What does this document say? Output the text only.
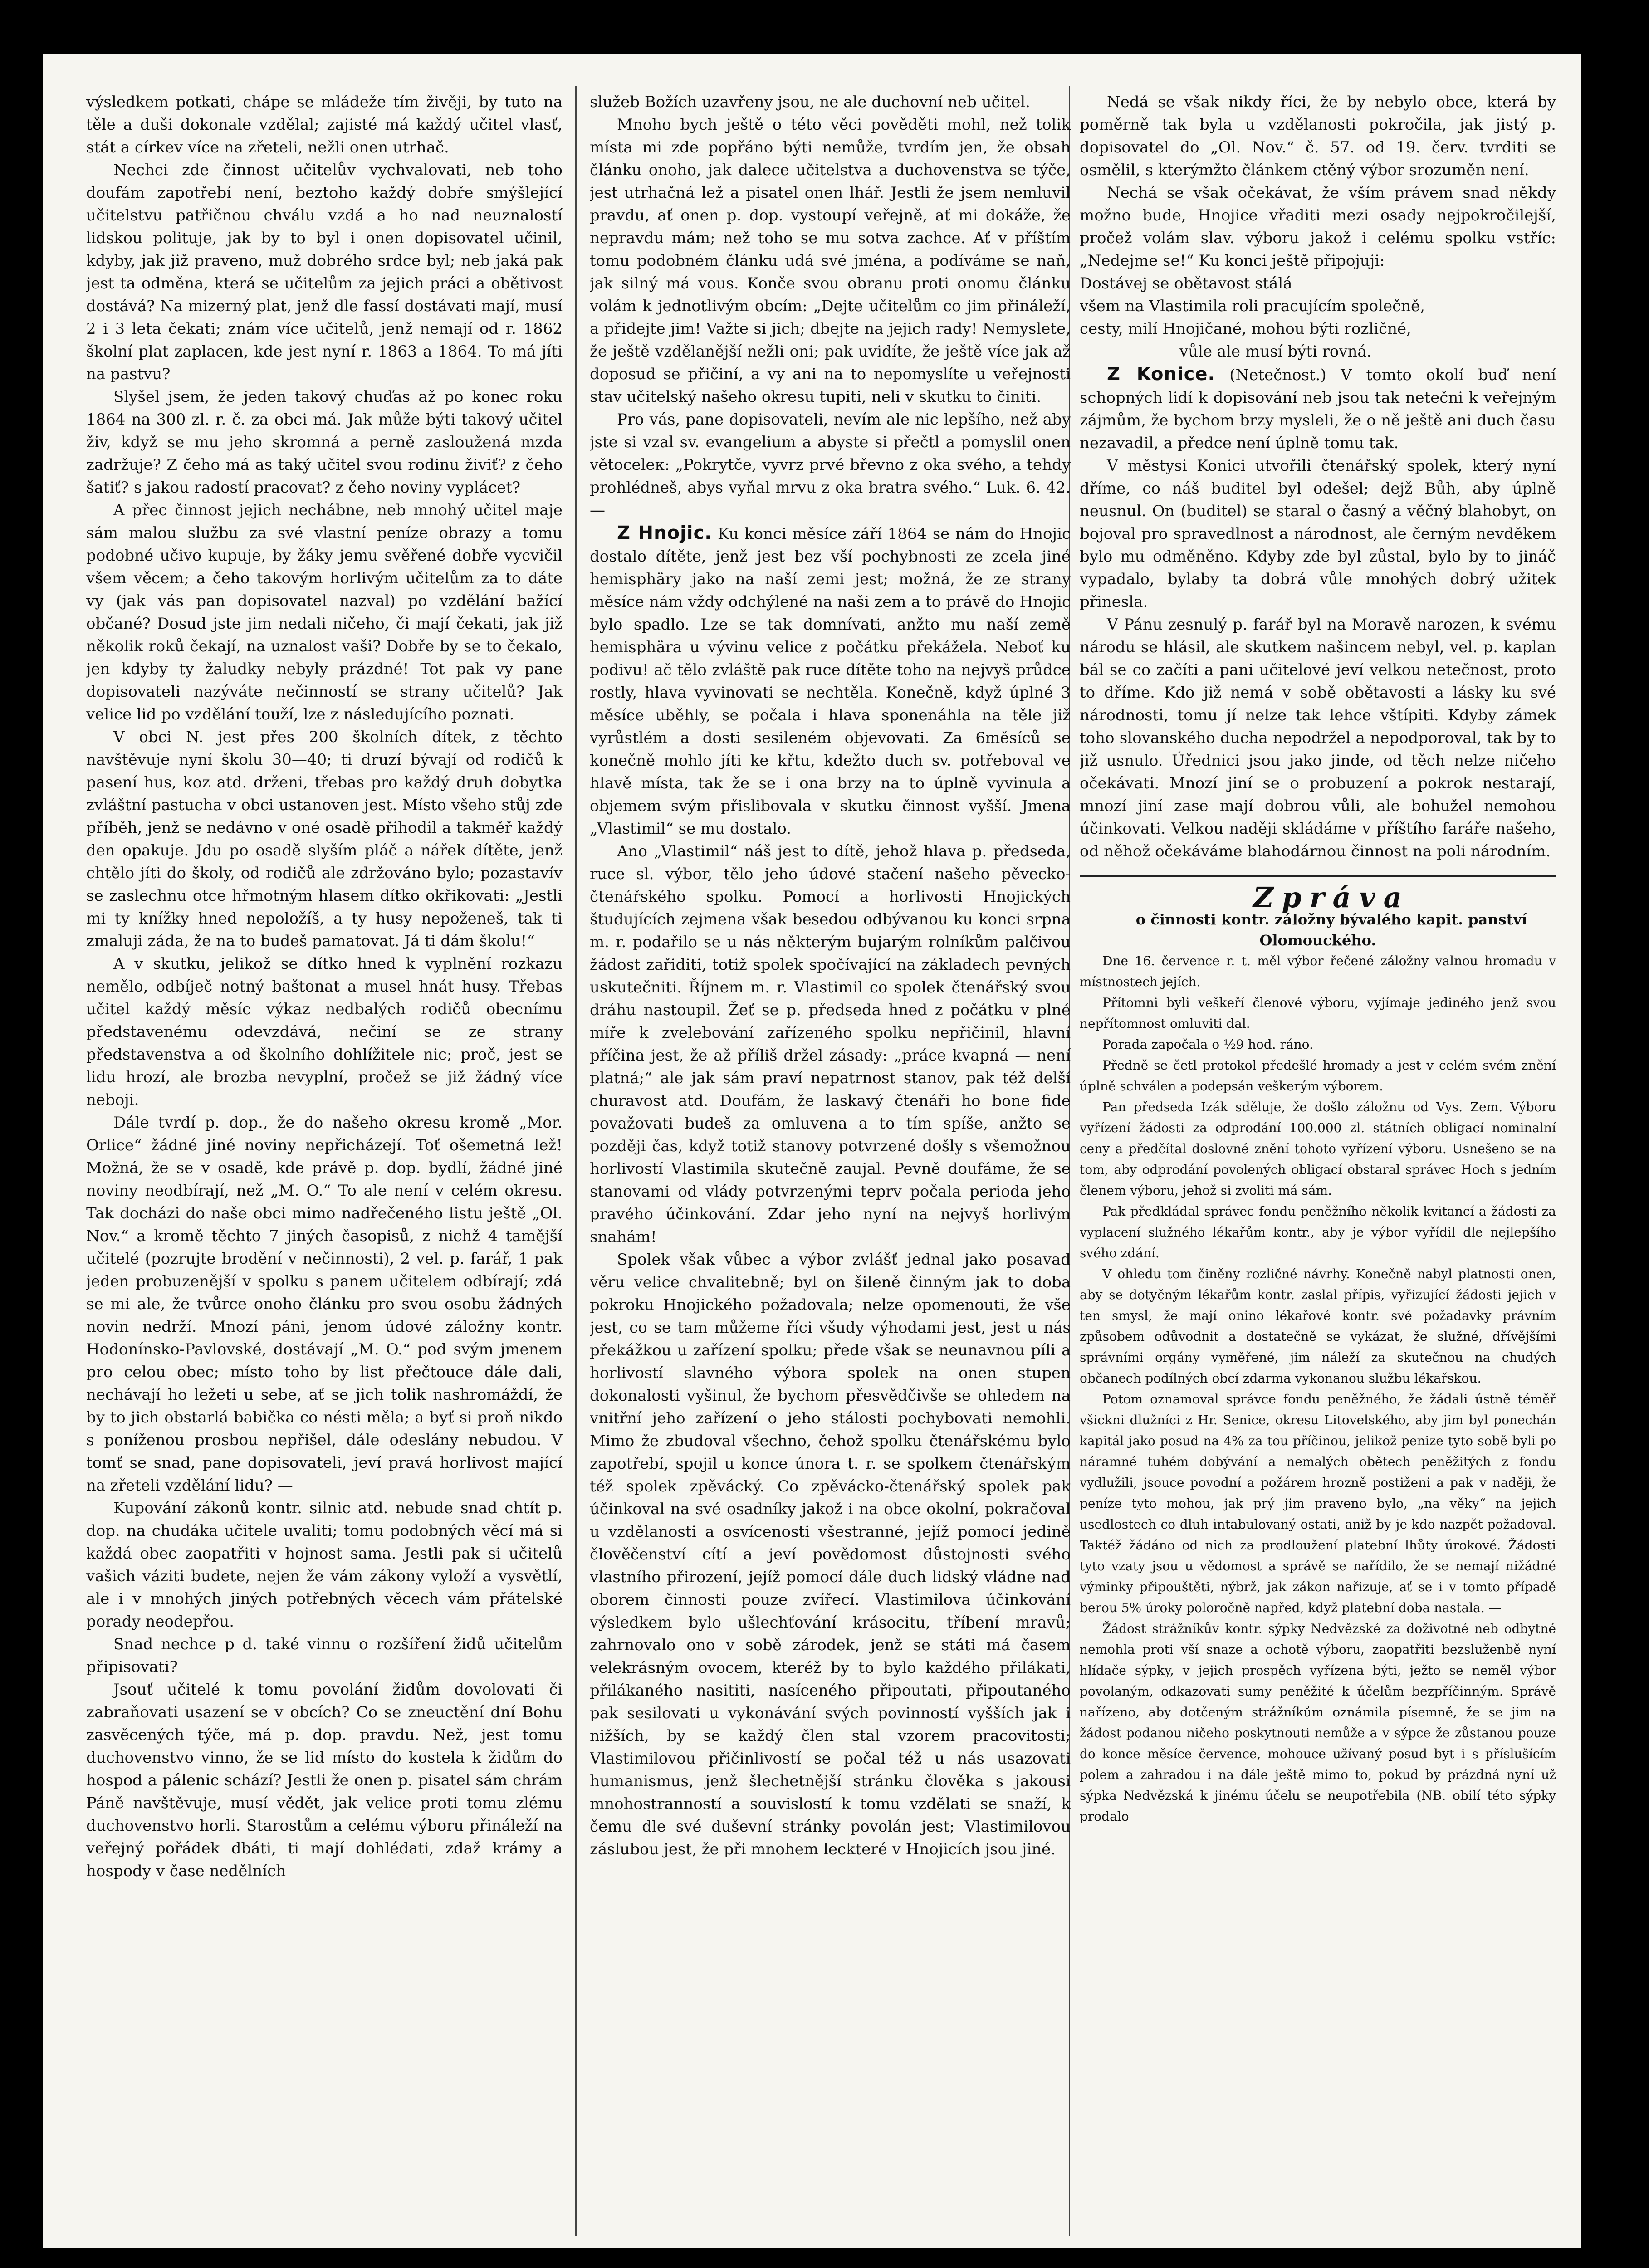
výsledkem potkati, chápe se mládeže tím živěji, by tuto na těle a duši dokonale vzdělal; zajisté má každý učitel vlasť, stát a církev více na zřeteli, nežli onen utrhač.

Nechci zde činnost učitelův vychvalovati, neb toho doufám zapotřebí není, beztoho každý dobře smýšlející učitelstvu patřičnou chválu vzdá a ho nad neuznalostí lidskou polituje, jak by to byl i onen dopisovatel učinil, kdyby, jak již praveno, muž dobrého srdce byl; neb jaká pak jest ta odměna, která se učitelům za jejich práci a obětivost dostává? Na mizerný plat, jenž dle fassí dostávati mají, musí 2 i 3 leta čekati; znám více učitelů, jenž nemají od r. 1862 školní plat zaplacen, kde jest nyní r. 1863 a 1864. To má jíti na pastvu?

Slyšel jsem, že jeden takový chuďas až po konec roku 1864 na 300 zl. r. č. za obci má. Jak může býti takový učitel živ, když se mu jeho skromná a perně zasloužená mzda zadržuje? Z čeho má as taký učitel svou rodinu živiť? z čeho šatiť? s jakou radostí pracovat? z čeho noviny vyplácet?

A přec činnost jejich nechábne, neb mnohý učitel maje sám malou službu za své vlastní peníze obrazy a tomu podobné učivo kupuje, by žáky jemu svěřené dobře vycvičil všem věcem; a čeho takovým horlivým učitelům za to dáte vy (jak vás pan dopisovatel nazval) po vzdělání bažící občané? Dosud jste jim nedali ničeho, či mají čekati, jak již několik roků čekají, na uznalost vaši? Dobře by se to čekalo, jen kdyby ty žaludky nebyly prázdné! Tot pak vy pane dopisovateli nazýváte nečinností se strany učitelů? Jak velice lid po vzdělání touží, lze z následujícího poznati.

V obci N. jest přes 200 školních dítek, z těchto navštěvuje nyní školu 30—40; ti druzí bývají od rodičů k pasení hus, koz atd. drženi, třebas pro každý druh dobytka zvláštní pastucha v obci ustanoven jest. Místo všeho stůj zde příběh, jenž se nedávno v oné osadě přihodil a takměř každý den opakuje. Jdu po osadě slyším pláč a nářek dítěte, jenž chtělo jíti do školy, od rodičů ale zdržováno bylo; pozastavív se zaslechnu otce hřmotným hlasem dítko okřikovati: „Jestli mi ty knížky hned nepoložíš, a ty husy nepoženeš, tak ti zmaluji záda, že na to budeš pamatovat. Já ti dám školu!“

A v skutku, jelikož se dítko hned k vyplnění rozkazu nemělo, odbíječ notný baštonat a musel hnát husy. Třebas učitel každý měsíc výkaz nedbalých rodičů obecnímu představenému odevzdává, nečiní se ze strany představenstva a od školního dohlížitele nic; proč, jest se lidu hrozí, ale brozba nevyplní, pročež se již žádný více neboji.

Dále tvrdí p. dop., že do našeho okresu kromě „Mor. Orlice“ žádné jiné noviny nepřicházejí. Toť ošemetná lež! Možná, že se v osadě, kde právě p. dop. bydlí, žádné jiné noviny neodbírají, než „M. O.“ To ale není v celém okresu. Tak docházi do naše obci mimo nadřečeného listu ještě „Ol. Nov.“ a kromě těchto 7 jiných časopisů, z nichž 4 tamější učitelé (pozrujte brodění v nečinnosti), 2 vel. p. farář, 1 pak jeden probuzenější v spolku s panem učitelem odbírají; zdá se mi ale, že tvůrce onoho článku pro svou osobu žádných novin nedrží. Mnozí páni, jenom údové záložny kontr. Hodonínsko-Pavlovské, dostávají „M. O.“ pod svým jmenem pro celou obec; místo toho by list přečtouce dále dali, nechávají ho ležeti u sebe, ať se jich tolik nashromáždí, že by to jich obstarlá babička co nésti měla; a byť si proň nikdo s poníženou prosbou nepřišel, dále odeslány nebudou. V tomť se snad, pane dopisovateli, jeví pravá horlivost mající na zřeteli vzdělání lidu? —

Kupování zákonů kontr. silnic atd. nebude snad chtít p. dop. na chudáka učitele uvaliti; tomu podobných věcí má si každá obec zaopatřiti v hojnost sama. Jestli pak si učitelů vašich váziti budete, nejen že vám zákony vyloží a vysvětlí, ale i v mnohých jiných potřebných věcech vám přátelské porady neodepřou.

Snad nechce p d. také vinnu o rozšíření židů učitelům připisovati?

Jsouť učitelé k tomu povolání židům dovolovati či zabraňovati usazení se v obcích? Co se zneuctění dní Bohu zasvěcených týče, má p. dop. pravdu. Než, jest tomu duchovenstvo vinno, že se lid místo do kostela k židům do hospod a pálenic schází? Jestli že onen p. pisatel sám chrám Páně navštěvuje, musí vědět, jak velice proti tomu zlému duchovenstvo horli. Starostům a celému výboru přináleží na veřejný pořádek dbáti, ti mají dohlédati, zdaž krámy a hospody v čase nedělních

služeb Božích uzavřeny jsou, ne ale duchovní neb učitel.

Mnoho bych ještě o této věci pověděti mohl, než tolik místa mi zde popřáno býti nemůže, tvrdím jen, že obsah článku onoho, jak dalece učitelstva a duchovenstva se týče, jest utrhačná lež a pisatel onen lhář. Jestli že jsem nemluvil pravdu, ať onen p. dop. vystoupí veřejně, ať mi dokáže, že nepravdu mám; než toho se mu sotva zachce. Ať v příštím tomu podobném článku udá své jména, a podíváme se naň, jak silný má vous. Konče svou obranu proti onomu článku volám k jednotlivým obcím: „Dejte učitelům co jim přináleží, a přidejte jim! Važte si jich; dbejte na jejich rady! Nemyslete, že ještě vzdělanější nežli oni; pak uvidíte, že ještě více jak až doposud se přičiní, a vy ani na to nepomyslíte u veřejnosti stav učitelský našeho okresu tupiti, neli v skutku to činiti.

Pro vás, pane dopisovateli, nevím ale nic lepšího, než aby jste si vzal sv. evangelium a abyste si přečtl a pomyslil onen větoceleк: „Pokrytče, vyvrz prvé břevno z oka svého, a tehdy prohlédneš, abys vyňal mrvu z oka bratra svého.“ Luk. 6. 42. —

Z Hnojic. Ku konci měsíce září 1864 se nám do Hnojic dostalo dítěte, jenž jest bez vší pochybnosti ze zcela jiné hemisphäry jako na naší zemi jest; možná, že ze strany měsíce nám vždy odchýlené na naši zem a to právě do Hnojic bylo spadlo. Lze se tak domnívati, anžto mu naší země hemisphära u vývinu velice z počátku překážela. Neboť ku podivu! ač tělo zvláště pak ruce dítěte toho na nejvyš průdce rostly, hlava vyvinovati se nechtěla. Konečně, když úplné 3 měsíce uběhly, se počala i hlava sponenáhla na těle již vyrůstlém a dosti sesileném objevovati. Za 6měsíců se konečně mohlo jíti ke křtu, kdežto duch sv. potřeboval ve hlavě místa, tak že se i ona brzy na to úplně vyvinula a objemem svým přislibovala v skutku činnost vyšší. Jmena „Vlastimil“ se mu dostalo.

Ano „Vlastimil“ náš jest to dítě, jehož hlava p. předseda, ruce sl. výbor, tělo jeho údové stačení našeho pěvecko-čtenářského spolku. Pomocí a horlivosti Hnojických študujících zejmena však besedou odbývanou ku konci srpna m. r. podařilo se u nás některým bujarým rolníkům palčivou žádost zařiditi, totiž spolek spočívající na základech pevných uskutečniti. Říjnem m. r. Vlastimil co spolek čtenářský svou dráhu nastoupil. Žeť se p. předseda hned z počátku v plné míře k zvelebování zařízeného spolku nepřičinil, hlavní příčina jest, že až příliš držel zásady: „práce kvapná — není platná;“ ale jak sám praví nepatrnost stanov, pak též delší churavost atd. Doufám, že laskavý čtenáři ho bone fide považovati budeš za omluvena a to tím spíše, anžto se později čas, když totiž stanovy potvrzené došly s všemožnou horlivostí Vlastimila skutečně zaujal. Pevně doufáme, že se stanovami od vlády potvrzenými teprv počala perioda jeho pravého účinkování. Zdar jeho nyní na nejvyš horlivým snahám!

Spolek však vůbec a výbor zvlášť jednal jako posavad věru velice chvalitebně; byl on šileně činným jak to doba pokroku Hnojického požadovala; nelze opomenouti, že vše jest, co se tam můžeme říci všudy výhodami jest, jest u nás překážkou u zařízení spolku; přede však se neunavnou píli a horlivostí slavného výbora spolek na onen stupen dokonalosti vyšinul, že bychom přesvědčivše se ohledem na vnitřní jeho zařízení o jeho stálosti pochybovati nemohli. Mimo že zbudoval všechno, čehož spolku čtenářskému bylo zapotřebí, spojil u konce února t. r. se spolkem čtenářským též spolek zpěvácký. Co zpěvácko-čtenářský spolek pak účinkoval na své osadníky jakož i na obce okolní, pokračoval u vzdělanosti a osvícenosti všestranné, jejíž pomocí jedině člověčenství cítí a jeví povědomost důstojnosti svého vlastního přirození, jejíž pomocí dále duch lidský vládne nad oborem činnosti pouze zvířecí. Vlastimilova účinkování výsledkem bylo ušlechťování krásocitu, tříbení mravů; zahrnovalo ono v sobě zárodek, jenž se státi má časem velekrásným ovocem, kteréž by to bylo každého přilákati, přilákaného nasititi, nasíceného připoutati, připoutaného pak sesilovati u vykonávání svých povinností vyšších jak i nižších, by se každý člen stal vzorem pracovitosti; Vlastimilovou přičinlivostí se počal též u nás usazovati humanismus, jenž šlechetnější stránku člověka s jakousi mnohostranností a souvislostí k tomu vzdělati se snaží, k čemu dle své duševní stránky povolán jest; Vlastimilovou záslubou jest, že při mnohem leckteré v Hnojicích jsou jiné.

Nedá se však nikdy říci, že by nebylo obce, která by poměrně tak byla u vzdělanosti pokročila, jak jistý p. dopisovatel do „Ol. Nov.“ č. 57. od 19. červ. tvrditi se osmělil, s kterýmžto článkem ctěný výbor srozuměn není.

Nechá se však očekávat, že vším právem snad někdy možno bude, Hnojice vřaditi mezi osady nejpokročilejší, pročež volám slav. výboru jakož i celému spolku vstříc: „Nedejme se!“ Ku konci ještě připojuji:

Dostávej se obětavost stálá

všem na Vlastimila roli pracujícím společně,

cesty, milí Hnojičané, mohou býti rozličné,

vůle ale musí býti rovná.

Z Konice. (Netečnost.) V tomto okolí buď není schopných lidí k dopisování neb jsou tak netečni k veřejným zájmům, že bychom brzy mysleli, že o ně ještě ani duch času nezavadil, a předce není úplně tomu tak.

V městysi Konici utvořili čtenářský spolek, který nyní dříme, co náš buditel byl odešel; dejž Bůh, aby úplně neusnul. On (buditel) se staral o časný a věčný blahobyt, on bojoval pro spravedlnost a národnost, ale černým nevděkem bylo mu odměněno. Kdyby zde byl zůstal, bylo by to jináč vypadalo, bylaby ta dobrá vůle mnohých dobrý užitek přinesla.

V Pánu zesnulý p. farář byl na Moravě narozen, k svému národu se hlásil, ale skutkem našincem nebyl, vel. p. kaplan bál se co začíti a pani učitelové jeví velkou netečnost, proto to dříme. Kdo již nemá v sobě obětavosti a lásky ku své národnosti, tomu jí nelze tak lehce vštípiti. Kdyby zámek toho slovanského ducha nepodržel a nepodporoval, tak by to již usnulo. Úřednici jsou jako jinde, od těch nelze ničeho očekávati. Mnozí jiní se o probuzení a pokrok nestarají, mnozí jiní zase mají dobrou vůli, ale bohužel nemohou účinkovati. Velkou naději skládáme v příštího faráře našeho, od něhož očekáváme blahodárnou činnost na poli národním.

Zpráva

o činnosti kontr. záložny bývalého kapit. panství Olomouckého.

Dne 16. července r. t. měl výbor řečené záložny valnou hromadu v místnostech jejích.

Přítomni byli veškeří členové výboru, vyjímaje jediného jenž svou nepřítomnost omluviti dal.

Porada započala o ½9 hod. ráno.

Předně se četl protokol předešlé hromady a jest v celém svém znění úplně schválen a podepsán veškerým výborem.

Pan předseda Izák sděluje, že došlo záložnu od Vys. Zem. Výboru vyřízení žádosti za odprodání 100.000 zl. státních obligací nominalní ceny a předčítal doslovné znění tohoto vyřízení výboru. Usnešeno se na tom, aby odprodání povolených obligací obstaral správec Hoch s jedním členem výboru, jehož si zvoliti má sám.

Pak předkládal správec fondu peněžního několik kvitancí a žádosti za vyplacení služného lékařům kontr., aby je výbor vyřídil dle nejlepšího svého zdání.

V ohledu tom činěny rozličné návrhy. Konečně nabyl platnosti onen, aby se dotyčným lékařům kontr. zaslal přípis, vyřizující žádosti jejich v ten smysl, že mají onino lékařové kontr. své požadavky právním způsobem odůvodnit a dostatečně se vykázat, že služné, dřívějšími správními orgány vyměřené, jim náleží za skutečnou na chudých občanech podílných obcí zdarma vykonanou službu lékařskou.

Potom oznamoval správce fondu peněžného, že žádali ústně téměř všickni dlužníci z Hr. Senice, okresu Litovelského, aby jim byl ponechán kapitál jako posud na 4% za tou příčinou, jelikož penize tyto sobě byli po náramné tuhém dobývání a nemalých obětech peněžitých z fondu vydlužili, jsouce povodní a požárem hrozně postiženi a pak v naději, že peníze tyto mohou, jak prý jim praveno bylo, „na věky“ na jejich usedlostech co dluh intabulovaný ostati, aniž by je kdo nazpět požadoval. Taktéž žádáno od nich za prodloužení platební lhůty úrokové. Žádosti tyto vzaty jsou u vědomost a správě se nařídilo, že se nemají nižádné výminky připouštěti, nýbrž, jak zákon nařizuje, ať se i v tomto případě berou 5% úroky poloročně napřed, když platební doba nastala. —

Žádost strážníkův kontr. sýpky Nedvězské za doživotné neb odbytné nemohla proti vší snaze a ochotě výboru, zaopatřiti bezsluženbě nyní hlídače sýpky, v jejich prospěch vyřízena býti, ježto se neměl výbor povolaným, odkazovati sumy peněžité k účelům bezpříčinným. Správě nařízeno, aby dotčeným strážníkům oznámila písemně, že se jim na žádost podanou ničeho poskytnouti nemůže a v sýpce že zůstanou pouze do konce měsíce července, mohouce užívaný posud byt i s příslušícím polem a zahradou i na dále ještě mimo to, pokud by prázdná nyní už sýpka Nedvězská k jinému účelu se neupotřebila (NB. obilí této sýpky prodalo
